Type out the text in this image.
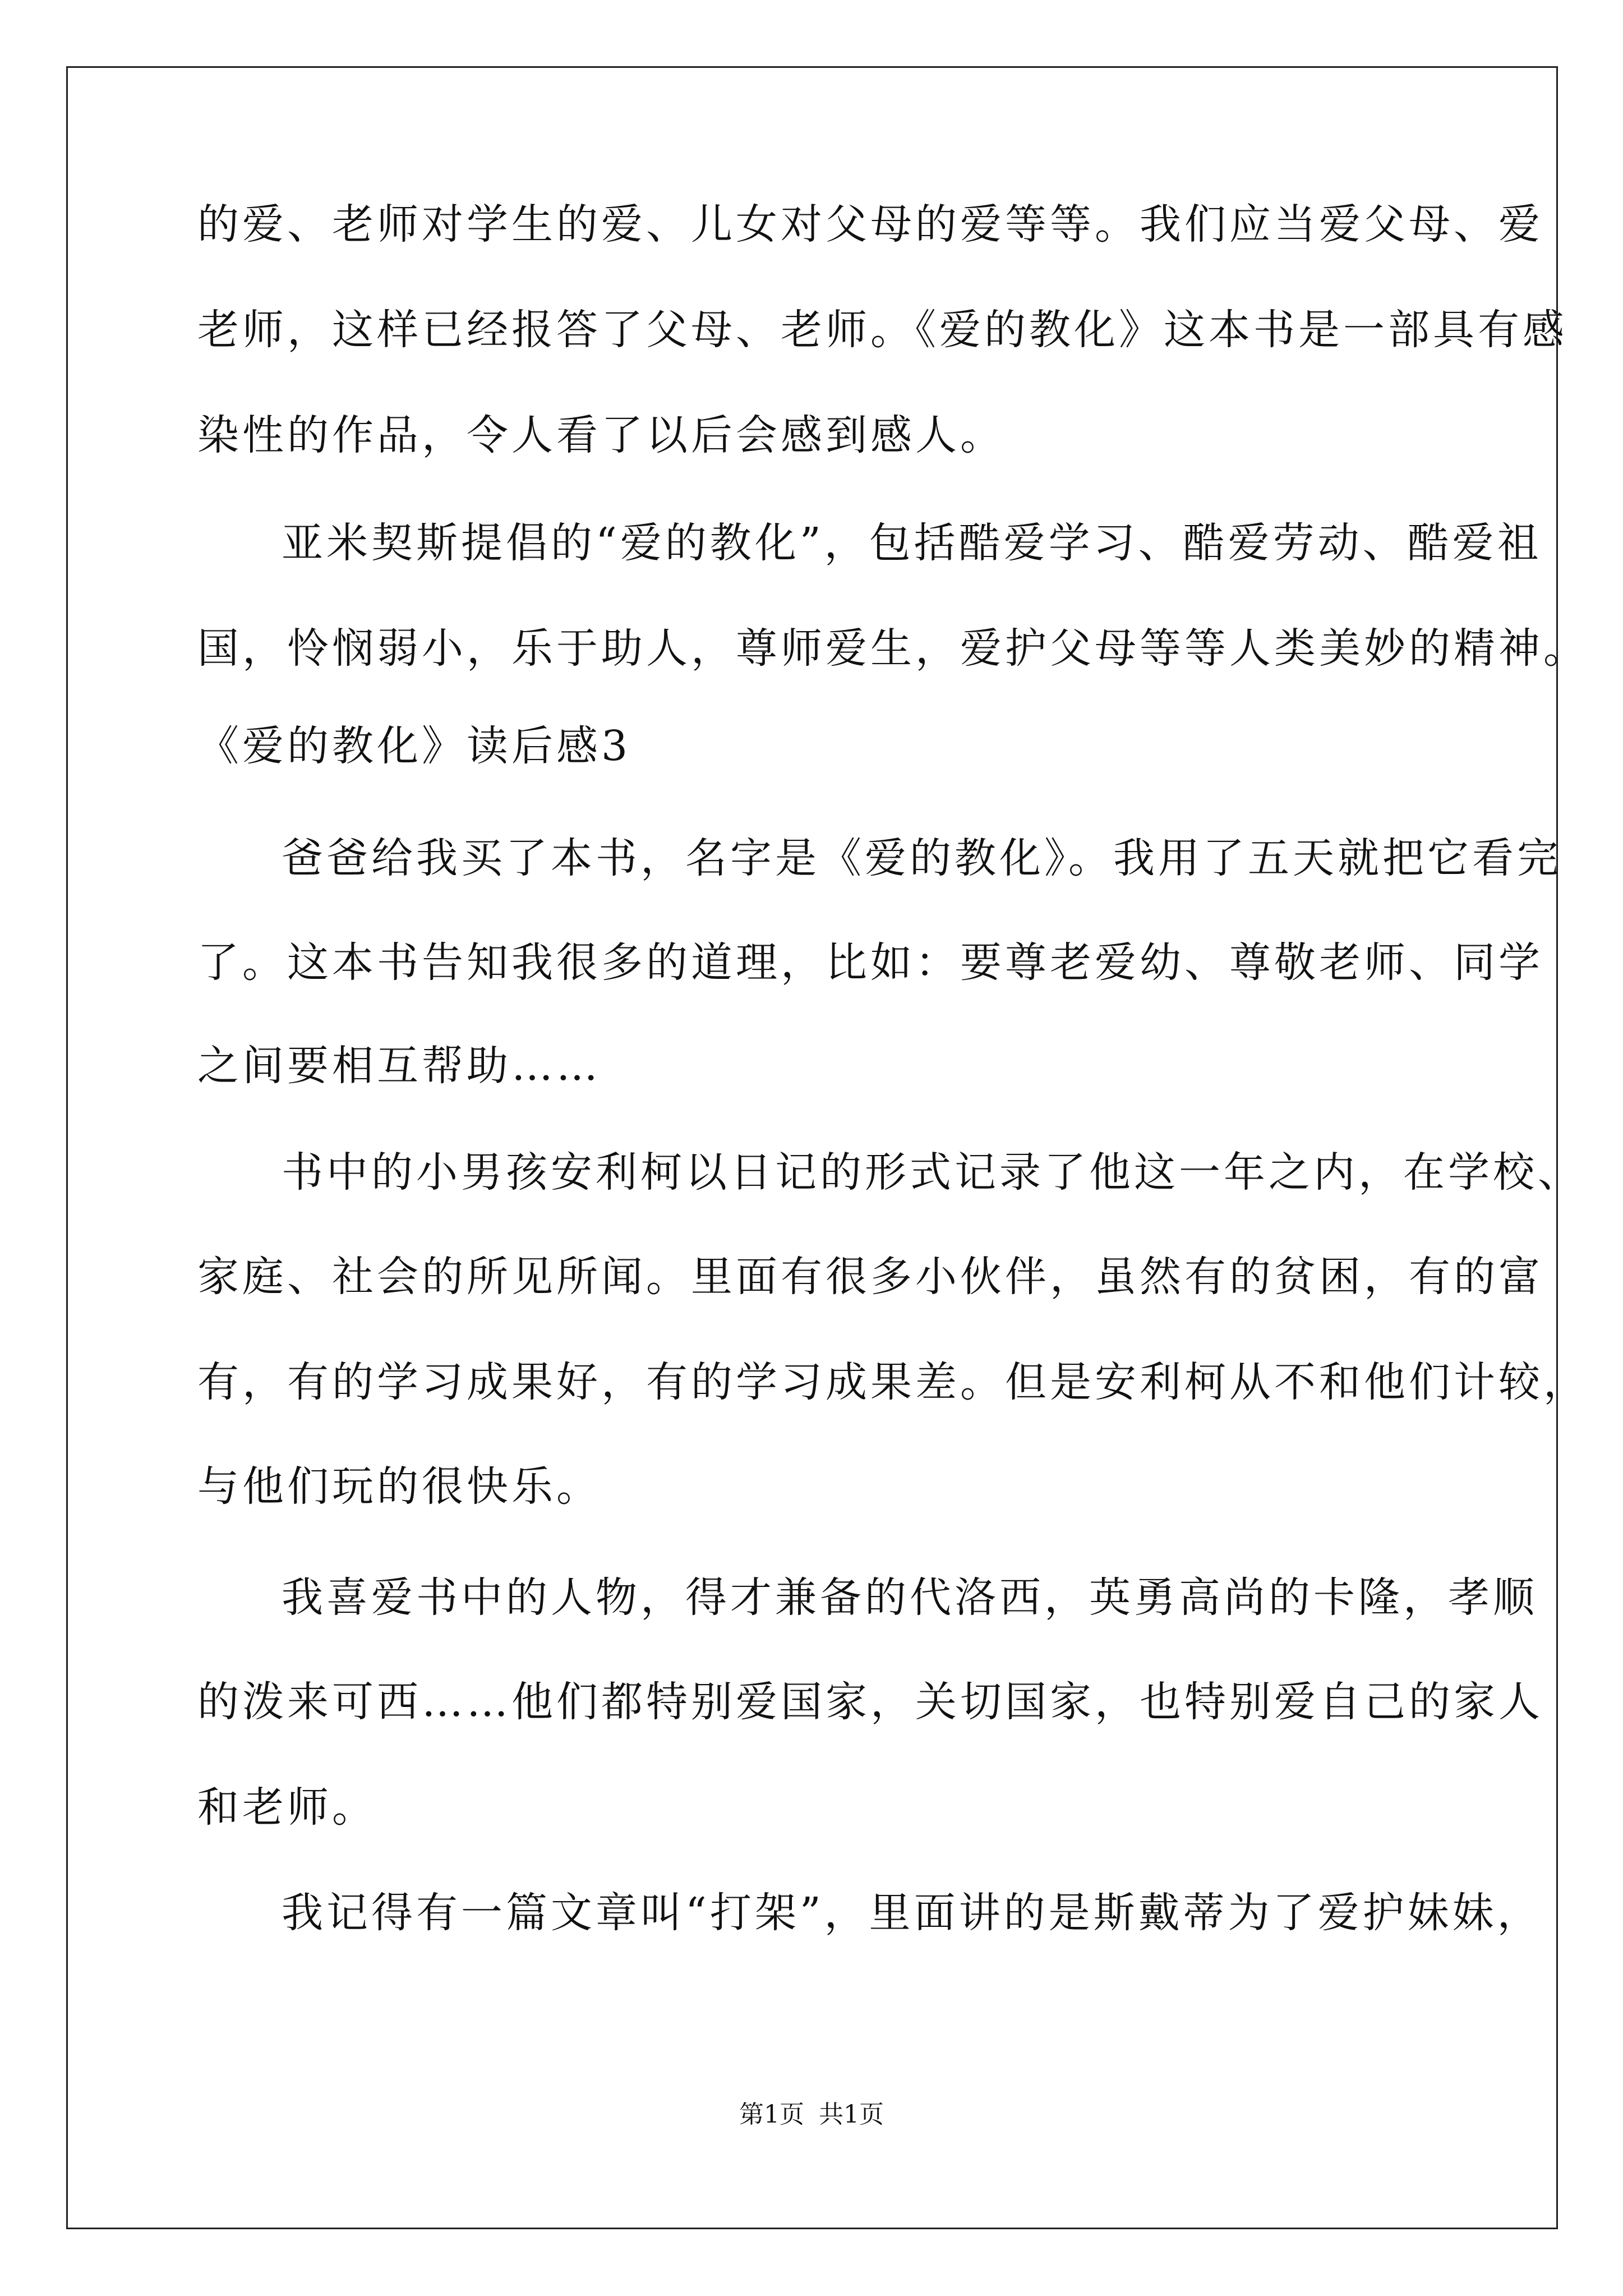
的爱、老师对学生的爱、儿女对父母的爱等等。我们应当爱父母、爱
老师，这样已经报答了父母、老师。《爱的教化》这本书是一部具有感
染性的作品，令人看了以后会感到感人。
亚米契斯提倡的“爱的教化”，包括酷爱学习、酷爱劳动、酷爱祖
国，怜悯弱小，乐于助人，尊师爱生，爱护父母等等人类美妙的精神。
《爱的教化》读后感3
爸爸给我买了本书，名字是《爱的教化》。我用了五天就把它看完
了。这本书告知我很多的道理，比如：要尊老爱幼、尊敬老师、同学
之间要相互帮助……
书中的小男孩安利柯以日记的形式记录了他这一年之内，在学校、
家庭、社会的所见所闻。里面有很多小伙伴，虽然有的贫困，有的富
有，有的学习成果好，有的学习成果差。但是安利柯从不和他们计较，
与他们玩的很快乐。
我喜爱书中的人物，得才兼备的代洛西，英勇高尚的卡隆，孝顺
的泼来可西……他们都特别爱国家，关切国家，也特别爱自己的家人
和老师。
我记得有一篇文章叫“打架”，里面讲的是斯戴蒂为了爱护妹妹，
第1页 共1页
